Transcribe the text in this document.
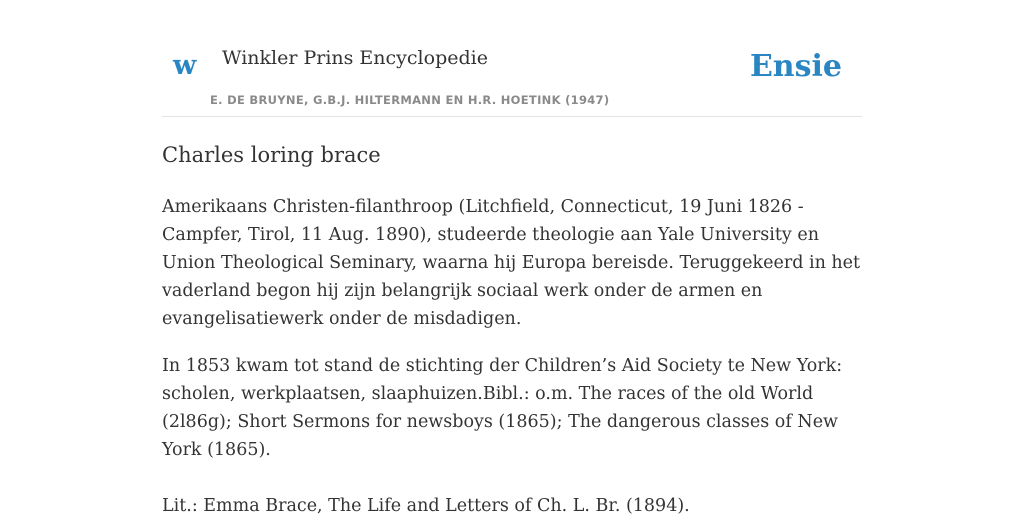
w Winkler Prins Encyclopedie
E. DE BRUYNE, G.B.J. HILTERMANN EN H.R. HOETINK (1947)
Ensie
Charles loring brace

Amerikaans Christen-filanthroop (Litchfield, Connecticut, 19 Juni 1826 - Campfer, Tirol, 11 Aug. 1890), studeerde theologie aan Yale University en Union Theological Seminary, waarna hij Europa bereisde. Teruggekeerd in het vaderland begon hij zijn belangrijk sociaal werk onder de armen en evangelisatiewerk onder de misdadigen.

In 1853 kwam tot stand de stichting der Children’s Aid Society te New York: scholen, werkplaatsen, slaaphuizen.Bibl.: o.m. The races of the old World (2l86g); Short Sermons for newsboys (1865); The dangerous classes of New York (1865).

Lit.: Emma Brace, The Life and Letters of Ch. L. Br. (1894).
